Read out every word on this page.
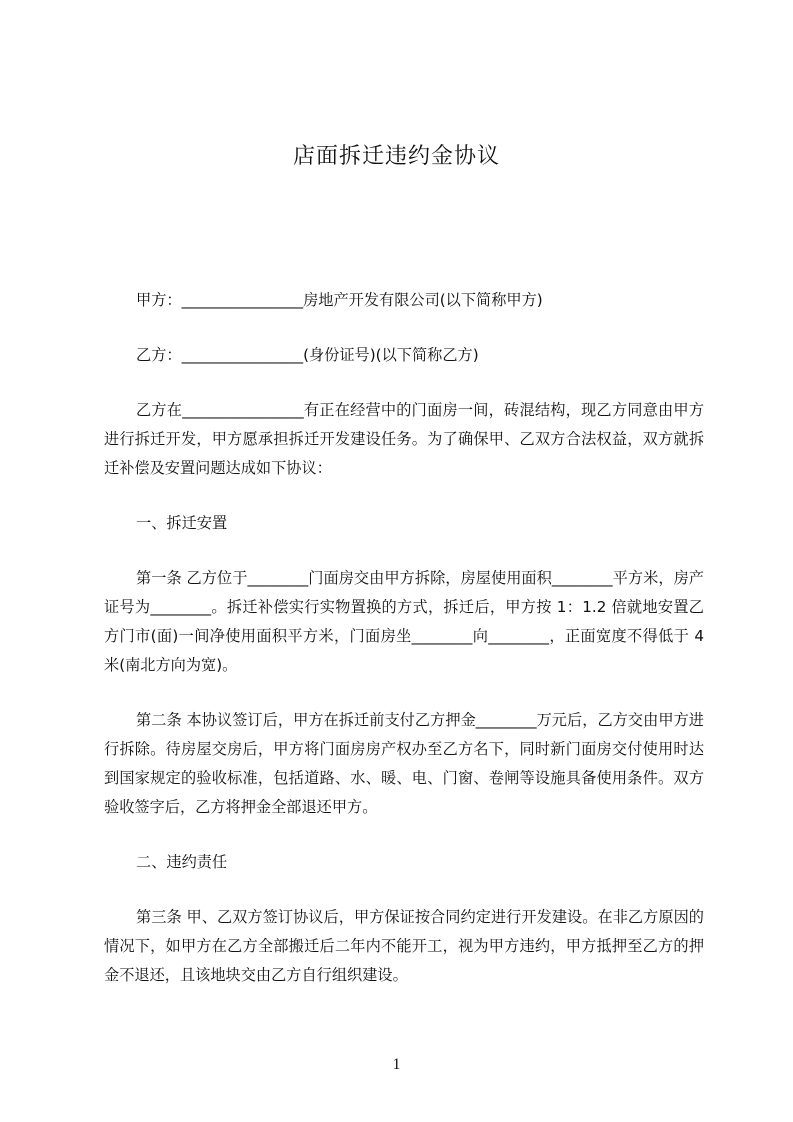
店面拆迁违约金协议

甲方：________________房地产开发有限公司(以下简称甲方)

乙方：________________(身份证号)(以下简称乙方)

乙方在________________有正在经营中的门面房一间，砖混结构，现乙方同意由甲方进行拆迁开发，甲方愿承担拆迁开发建设任务。为了确保甲、乙双方合法权益，双方就拆迁补偿及安置问题达成如下协议：

一、拆迁安置

第一条 乙方位于________门面房交由甲方拆除，房屋使用面积________平方米，房产证号为________。拆迁补偿实行实物置换的方式，拆迁后，甲方按 1：1.2 倍就地安置乙方门市(面)一间净使用面积平方米，门面房坐________向________，正面宽度不得低于 4 米(南北方向为宽)。

第二条 本协议签订后，甲方在拆迁前支付乙方押金________万元后，乙方交由甲方进行拆除。待房屋交房后，甲方将门面房房产权办至乙方名下，同时新门面房交付使用时达到国家规定的验收标准，包括道路、水、暖、电、门窗、卷闸等设施具备使用条件。双方验收签字后，乙方将押金全部退还甲方。

二、违约责任

第三条 甲、乙双方签订协议后，甲方保证按合同约定进行开发建设。在非乙方原因的情况下，如甲方在乙方全部搬迁后二年内不能开工，视为甲方违约，甲方抵押至乙方的押金不退还，且该地块交由乙方自行组织建设。

1
